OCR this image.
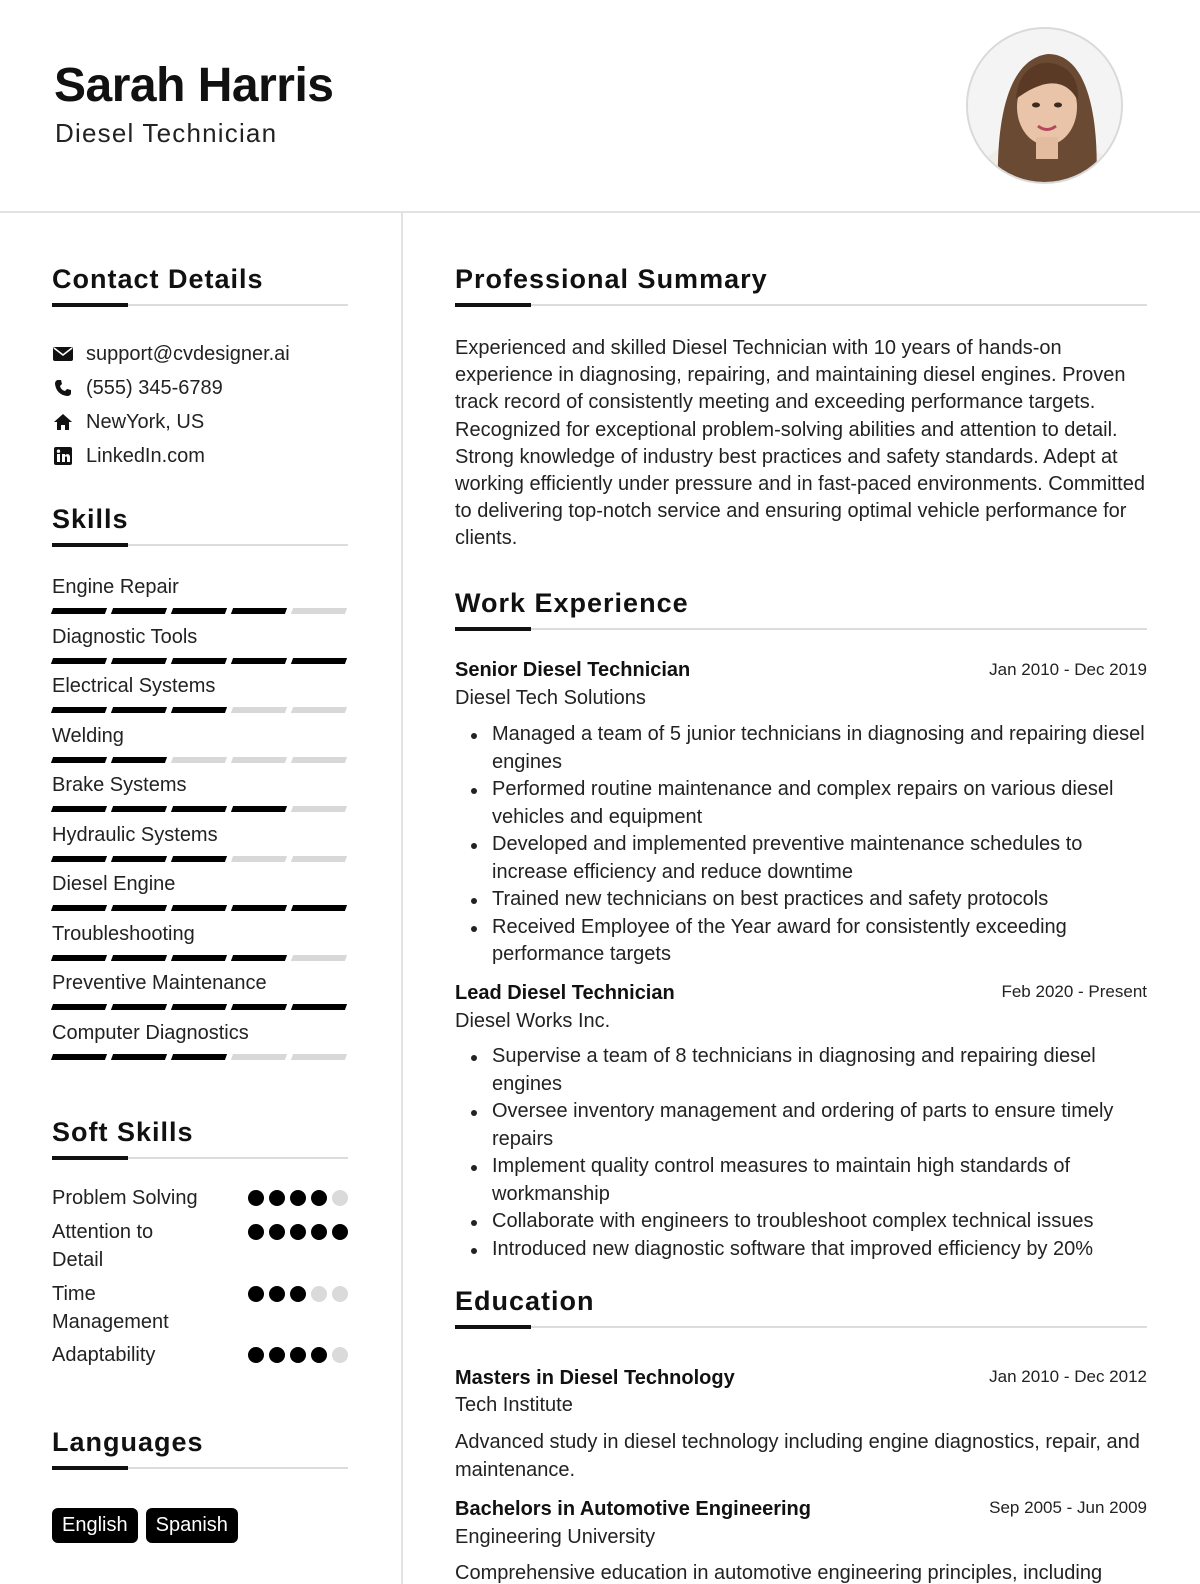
Sarah Harris
Diesel Technician
Contact Details
support@cvdesigner.ai
(555) 345-6789
NewYork, US
LinkedIn.com
Skills
Engine Repair
Diagnostic Tools
Electrical Systems
Welding
Brake Systems
Hydraulic Systems
Diesel Engine
Troubleshooting
Preventive Maintenance
Computer Diagnostics
Soft Skills
Problem Solving
Attention to Detail
Time Management
Adaptability
Languages
English	Spanish
Professional Summary
Experienced and skilled Diesel Technician with 10 years of hands-on experience in diagnosing, repairing, and maintaining diesel engines. Proven track record of consistently meeting and exceeding performance targets. Recognized for exceptional problem-solving abilities and attention to detail. Strong knowledge of industry best practices and safety standards. Adept at working efficiently under pressure and in fast-paced environments. Committed to delivering top-notch service and ensuring optimal vehicle performance for clients.
Work Experience
Senior Diesel Technician	Jan 2010 - Dec 2019
Diesel Tech Solutions
Managed a team of 5 junior technicians in diagnosing and repairing diesel engines
Performed routine maintenance and complex repairs on various diesel vehicles and equipment
Developed and implemented preventive maintenance schedules to increase efficiency and reduce downtime
Trained new technicians on best practices and safety protocols
Received Employee of the Year award for consistently exceeding performance targets
Lead Diesel Technician	Feb 2020 - Present
Diesel Works Inc.
Supervise a team of 8 technicians in diagnosing and repairing diesel engines
Oversee inventory management and ordering of parts to ensure timely repairs
Implement quality control measures to maintain high standards of workmanship
Collaborate with engineers to troubleshoot complex technical issues
Introduced new diagnostic software that improved efficiency by 20%
Education
Masters in Diesel Technology	Jan 2010 - Dec 2012
Tech Institute
Advanced study in diesel technology including engine diagnostics, repair, and maintenance.
Bachelors in Automotive Engineering	Sep 2005 - Jun 2009
Engineering University
Comprehensive education in automotive engineering principles, including
